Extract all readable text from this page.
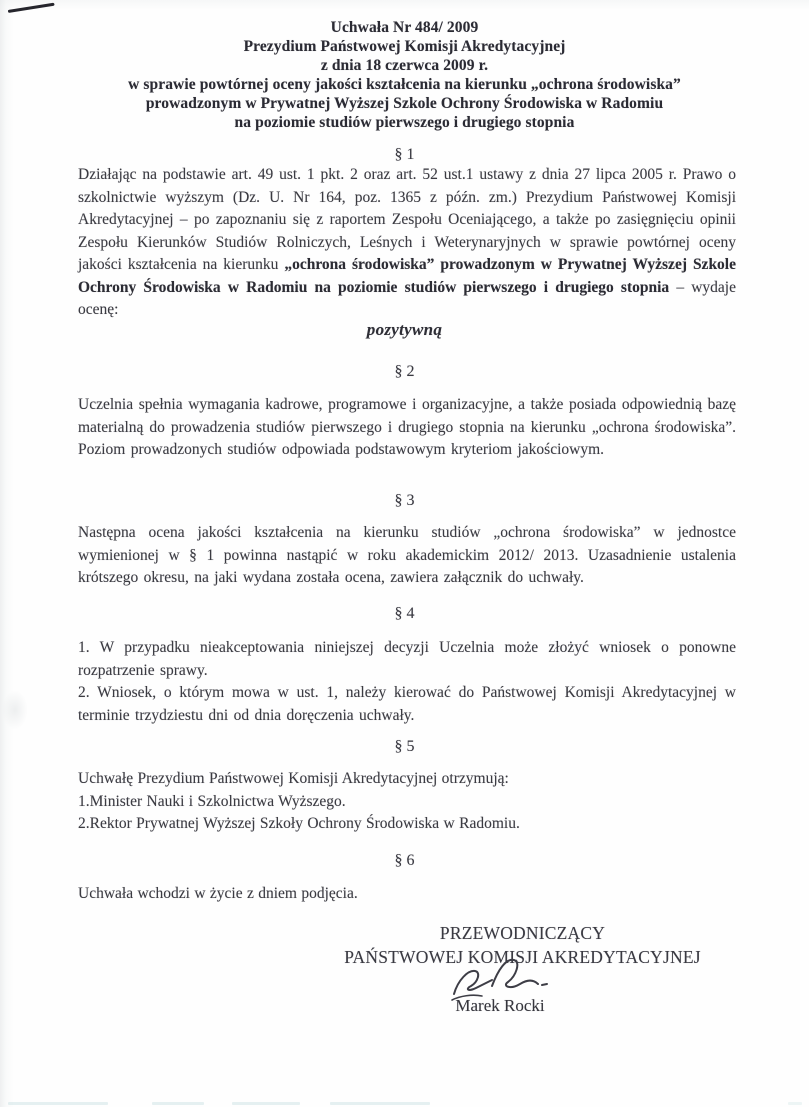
Uchwała Nr 484/ 2009
Prezydium Państwowej Komisji Akredytacyjnej
z dnia 18 czerwca 2009 r.
w sprawie powtórnej oceny jakości kształcenia na kierunku „ochrona środowiska”
prowadzonym w Prywatnej Wyższej Szkole Ochrony Środowiska w Radomiu
na poziomie studiów pierwszego i drugiego stopnia
§ 1
Działając na podstawie art. 49 ust. 1 pkt. 2 oraz art. 52 ust.1 ustawy z dnia 27 lipca 2005 r. Prawo o szkolnictwie wyższym (Dz. U. Nr 164, poz. 1365 z późn. zm.) Prezydium Państwowej Komisji Akredytacyjnej – po zapoznaniu się z raportem Zespołu Oceniającego, a także po zasięgnięciu opinii Zespołu Kierunków Studiów Rolniczych, Leśnych i Weterynaryjnych w sprawie powtórnej oceny jakości kształcenia na kierunku „ochrona środowiska” prowadzonym w Prywatnej Wyższej Szkole Ochrony Środowiska w Radomiu na poziomie studiów pierwszego i drugiego stopnia – wydaje ocenę:
pozytywną
§ 2
Uczelnia spełnia wymagania kadrowe, programowe i organizacyjne, a także posiada odpowiednią bazę materialną do prowadzenia studiów pierwszego i drugiego stopnia na kierunku „ochrona środowiska”. Poziom prowadzonych studiów odpowiada podstawowym kryteriom jakościowym.
§ 3
Następna ocena jakości kształcenia na kierunku studiów „ochrona środowiska” w jednostce wymienionej w § 1 powinna nastąpić w roku akademickim 2012/ 2013. Uzasadnienie ustalenia krótszego okresu, na jaki wydana została ocena, zawiera załącznik do uchwały.
§ 4
1. W przypadku nieakceptowania niniejszej decyzji Uczelnia może złożyć wniosek o ponowne rozpatrzenie sprawy.
2. Wniosek, o którym mowa w ust. 1, należy kierować do Państwowej Komisji Akredytacyjnej w terminie trzydziestu dni od dnia doręczenia uchwały.
§ 5
Uchwałę Prezydium Państwowej Komisji Akredytacyjnej otrzymują:
1.Minister Nauki i Szkolnictwa Wyższego.
2.Rektor Prywatnej Wyższej Szkoły Ochrony Środowiska w Radomiu.
§ 6
Uchwała wchodzi w życie z dniem podjęcia.
PRZEWODNICZĄCY
PAŃSTWOWEJ KOMISJI AKREDYTACYJNEJ
Marek Rocki
